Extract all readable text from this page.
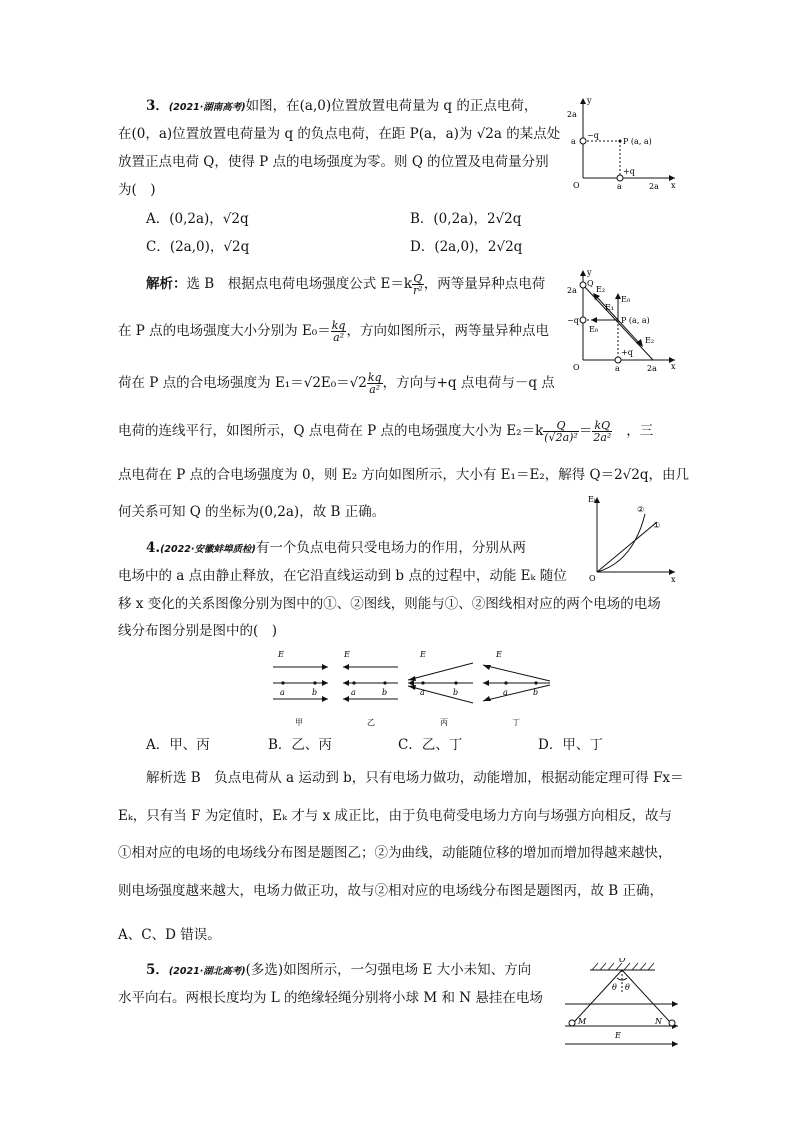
3．(2021·湖南高考)如图，在(a,0)位置放置电荷量为 q 的正点电荷，
在(0，a)位置放置电荷量为 q 的负点电荷，在距 P(a，a)为 √2a 的某点处
放置正点电荷 Q，使得 P 点的电场强度为零。则 Q 的位置及电荷量分别
为(　)
A．(0,2a)，√2q	B．(0,2a)，2√2q
C．(2a,0)，√2q	D．(2a,0)，2√2q
y
2a
a
−q
P (a, a)
+q
O	a	2a x
解析：选 B　根据点电荷电场强度公式 $E=k \frac{Q}{\text{r²}}$ ，两等量异种点电荷
在 P 点的电场强度大小分别为 $E_0= \frac{kq}{\text{a²}}$ ，方向如图所示，两等量异种点电
荷在 P 点的合电场强度为 $E_1=√2E_0=√2 \frac{kq}{\text{a²}}$ ，方向与+q 点电荷与－q 点
电荷的连线平行，如图所示，Q 点电荷在 P 点的电场强度大小为 $E_2=k \frac{Q}{\text{(√2a)²}} = \frac{kQ}{\text{2a²}}$ ，三
点电荷在 P 点的合电场强度为 0，则 E₂ 方向如图所示，大小有 E₁＝E₂，解得 Q＝2√2q，由几
何关系可知 Q 的坐标为(0,2a)，故 B 正确。
y
2a
Q
E₂
E₀
−q
E₀
P (a, a)
E₂
+q
O	a	2a x
E₁
4.(2022·安徽蚌埠质检)有一个负点电荷只受电场力的作用，分别从两
电场中的 a 点由静止释放，在它沿直线运动到 b 点的过程中，动能 Eₖ 随位
移 x 变化的关系图像分别为图中的①、②图线，则能与①、②图线相对应的两个电场的电场
线分布图分别是图中的(　)
Eₖ
②
①
O	x
E
a	b
甲
E
a	b
乙
E
a	b
丙
E
a	b
丁
A．甲、丙	B．乙、丙	C．乙、丁	D．甲、丁
解析选 B　负点电荷从 a 运动到 b，只有电场力做功，动能增加，根据动能定理可得 Fx＝
Eₖ，只有当 F 为定值时，Eₖ 才与 x 成正比，由于负电荷受电场力方向与场强方向相反，故与
①相对应的电场的电场线分布图是题图乙；②为曲线，动能随位移的增加而增加得越来越快，
则电场强度越来越大，电场力做正功，故与②相对应的电场线分布图是题图丙，故 B 正确，
A、C、D 错误。
5．(2021·湖北高考)(多选)如图所示，一匀强电场 E 大小未知、方向
水平向右。两根长度均为 L 的绝缘轻绳分别将小球 M 和 N 悬挂在电场
O
θ θ
M	N
E
